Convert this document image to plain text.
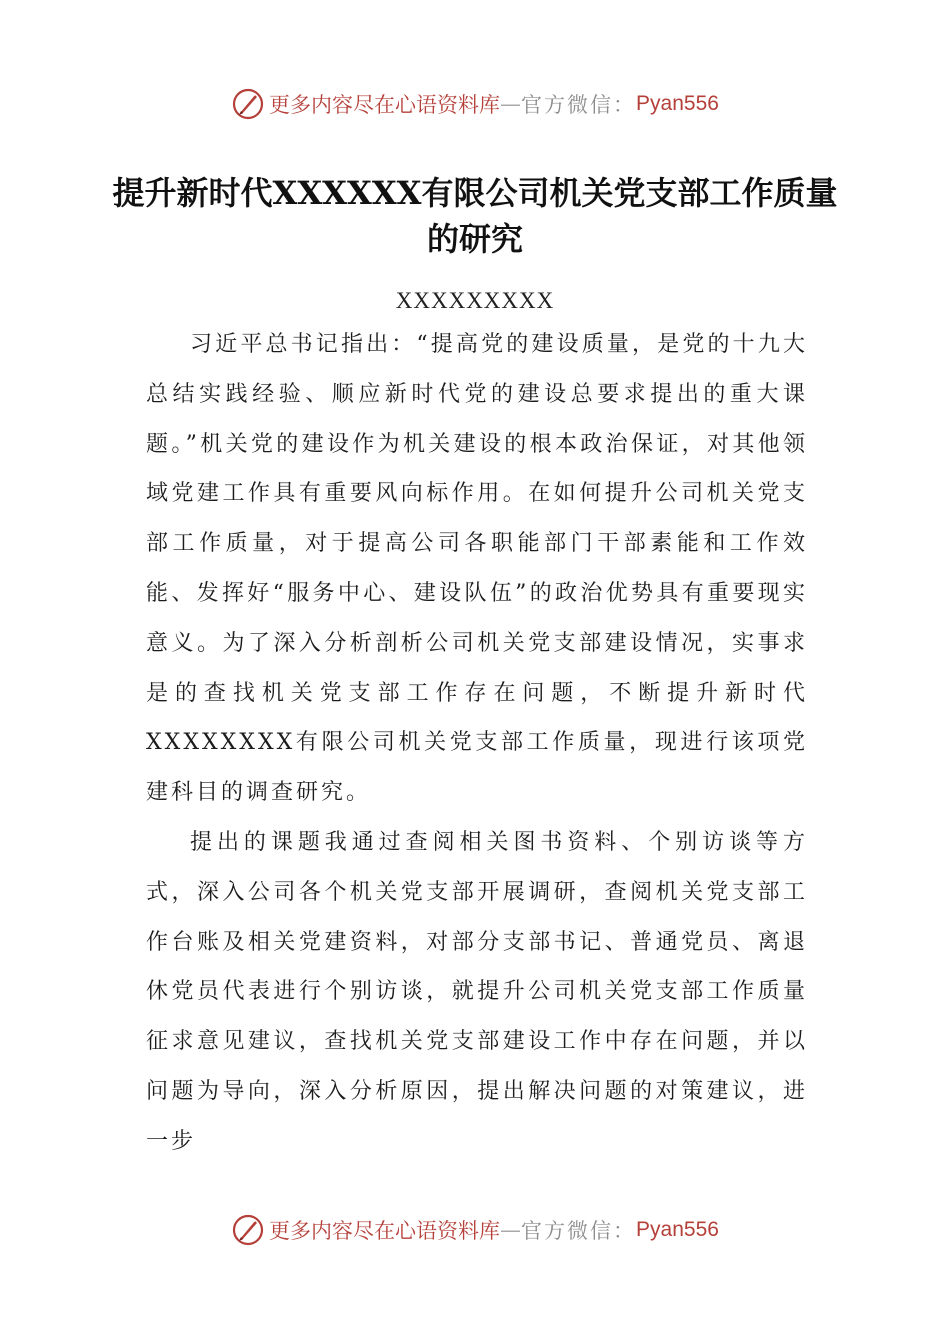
更多内容尽在心语资料库 — 官方微信： Pyan556
提升新时代XXXXXX有限公司机关党支部工作质量的研究
XXXXXXXXX

习近平总书记指出：“提高党的建设质量，是党的十九大总结实践经验、顺应新时代党的建设总要求提出的重大课题。”机关党的建设作为机关建设的根本政治保证，对其他领域党建工作具有重要风向标作用。在如何提升公司机关党支部工作质量，对于提高公司各职能部门干部素能和工作效能、发挥好“服务中心、建设队伍”的政治优势具有重要现实意义。为了深入分析剖析公司机关党支部建设情况，实事求是的查找机关党支部工作存在问题，不断提升新时代XXXXXXXX有限公司机关党支部工作质量，现进行该项党建科目的调查研究。

提出的课题我通过查阅相关图书资料、个别访谈等方式，深入公司各个机关党支部开展调研，查阅机关党支部工作台账及相关党建资料，对部分支部书记、普通党员、离退休党员代表进行个别访谈，就提升公司机关党支部工作质量征求意见建议，查找机关党支部建设工作中存在问题，并以问题为导向，深入分析原因，提出解决问题的对策建议，进一步

更多内容尽在心语资料库 — 官方微信： Pyan556
